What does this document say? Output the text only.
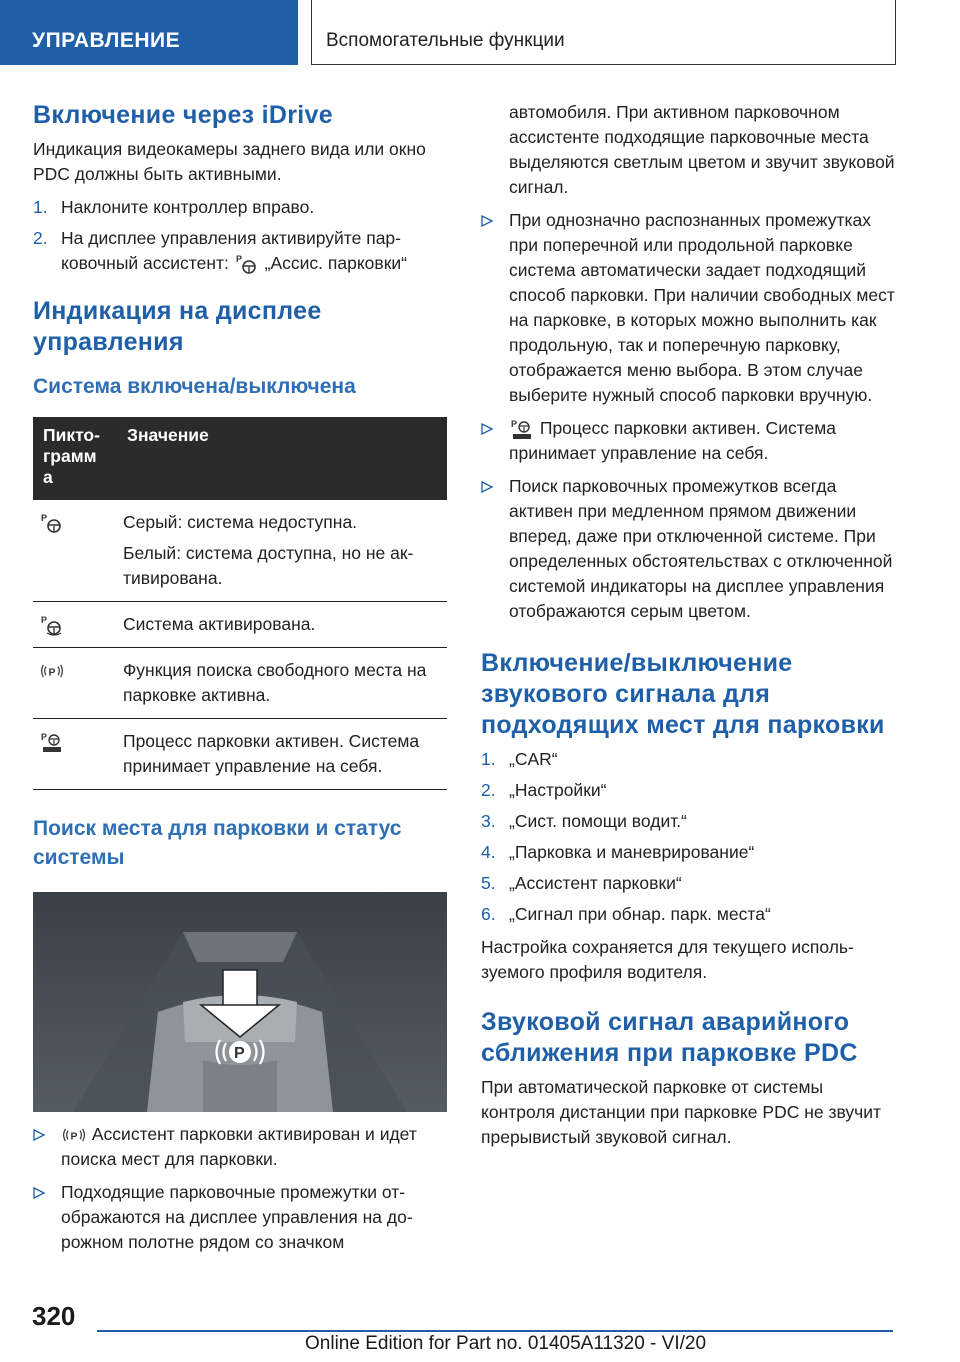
УПРАВЛЕНИЕ	Вспомогательные функции
Включение через iDrive

Индикация видеокамеры заднего вида или окно PDC должны быть активными.

1. Наклоните контроллер вправо.
2. На дисплее управления активируйте парковочный ассистент: P „Ассис. парковки“
Индикация на дисплее управления
Система включена/выключена
Пиктограмм а	Значение

P	Серый: система недоступна.
Белый: система доступна, но не активирована.

P	Система активирована.

P	Функция поиска свободного места на парковке активна.

P	Процесс парковки активен. Система принимает управление на себя.
Поиск места для парковки и статус системы
P
P Ассистент парковки активирован и идет поиска мест для парковки.
Подходящие парковочные промежутки отображаются на дисплее управления на дорожном полотне рядом со значком

автомобиля. При активном парковочном ассистенте подходящие парковочные места выделяются светлым цветом и звучит звуковой сигнал.

При однозначно распознанных промежутках при поперечной или продольной парковке система автоматически задает подходящий способ парковки. При наличии свободных мест на парковке, в которых можно выполнить как продольную, так и поперечную парковку, отображается меню выбора. В этом случае выберите нужный способ парковки вручную.
P Процесс парковки активен. Система принимает управление на себя.
Поиск парковочных промежутков всегда активен при медленном прямом движении вперед, даже при отключенной системе. При определенных обстоятельствах с отключенной системой индикаторы на дисплее управления отображаются серым цветом.
Включение/выключение звукового сигнала для подходящих мест для парковки
1. „CAR“
2. „Настройки“
3. „Сист. помощи водит.“
4. „Парковка и маневрирование“
5. „Ассистент парковки“
6. „Сигнал при обнар. парк. места“

Настройка сохраняется для текущего используемого профиля водителя.

Звуковой сигнал аварийного сближения при парковке PDC

При автоматической парковке от системы контроля дистанции при парковке PDC не звучит прерывистый звуковой сигнал.

320
Online Edition for Part no. 01405A11320 - VI/20
